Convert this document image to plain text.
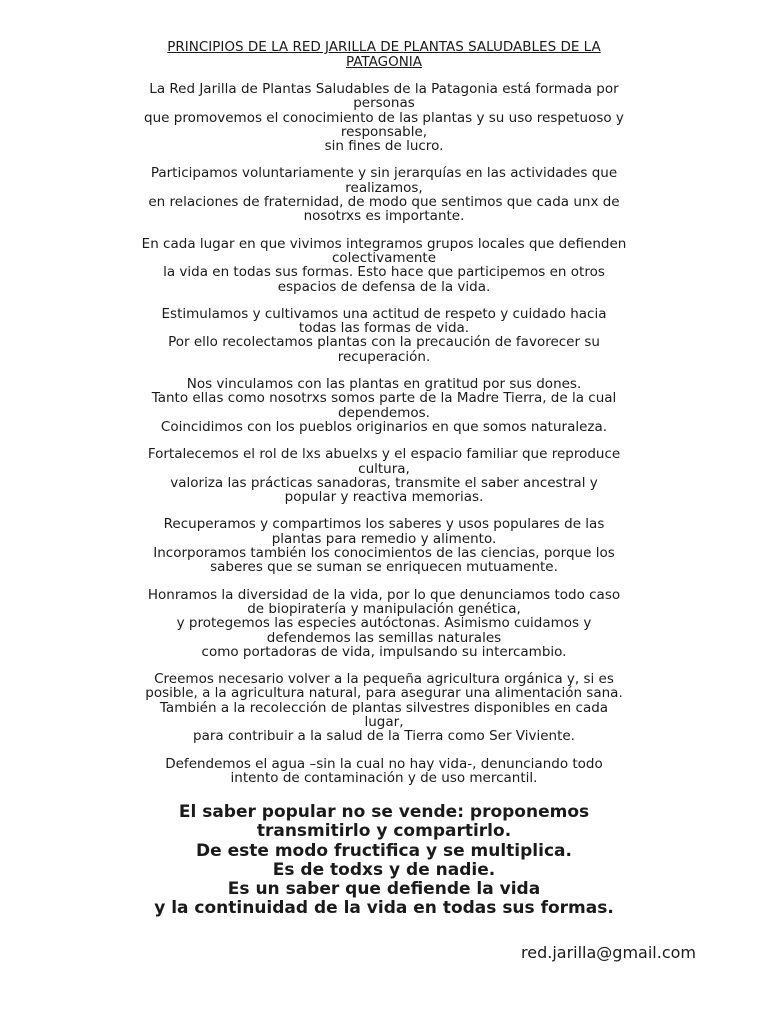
PRINCIPIOS DE LA RED JARILLA DE PLANTAS SALUDABLES DE LA
PATAGONIA
La Red Jarilla de Plantas Saludables de la Patagonia está formada por
personas
que promovemos el conocimiento de las plantas y su uso respetuoso y
responsable,
sin fines de lucro.
Participamos voluntariamente y sin jerarquías en las actividades que
realizamos,
en relaciones de fraternidad, de modo que sentimos que cada unx de
nosotrxs es importante.
En cada lugar en que vivimos integramos grupos locales que defienden
colectivamente
la vida en todas sus formas. Esto hace que participemos en otros
espacios de defensa de la vida.
Estimulamos y cultivamos una actitud de respeto y cuidado hacia
todas las formas de vida.
Por ello recolectamos plantas con la precaución de favorecer su
recuperación.
Nos vinculamos con las plantas en gratitud por sus dones.
Tanto ellas como nosotrxs somos parte de la Madre Tierra, de la cual
dependemos.
Coincidimos con los pueblos originarios en que somos naturaleza.
Fortalecemos el rol de lxs abuelxs y el espacio familiar que reproduce
cultura,
valoriza las prácticas sanadoras, transmite el saber ancestral y
popular y reactiva memorias.
Recuperamos y compartimos los saberes y usos populares de las
plantas para remedio y alimento.
Incorporamos también los conocimientos de las ciencias, porque los
saberes que se suman se enriquecen mutuamente.
Honramos la diversidad de la vida, por lo que denunciamos todo caso
de biopiratería y manipulación genética,
y protegemos las especies autóctonas. Asimismo cuidamos y
defendemos las semillas naturales
como portadoras de vida, impulsando su intercambio.
Creemos necesario volver a la pequeña agricultura orgánica y, si es
posible, a la agricultura natural, para asegurar una alimentación sana.
También a la recolección de plantas silvestres disponibles en cada
lugar,
para contribuir a la salud de la Tierra como Ser Viviente.
Defendemos el agua –sin la cual no hay vida-, denunciando todo
intento de contaminación y de uso mercantil.
El saber popular no se vende: proponemos
transmitirlo y compartirlo.
De este modo fructifica y se multiplica.
Es de todxs y de nadie.
Es un saber que defiende la vida
y la continuidad de la vida en todas sus formas.
red.jarilla@gmail.com
